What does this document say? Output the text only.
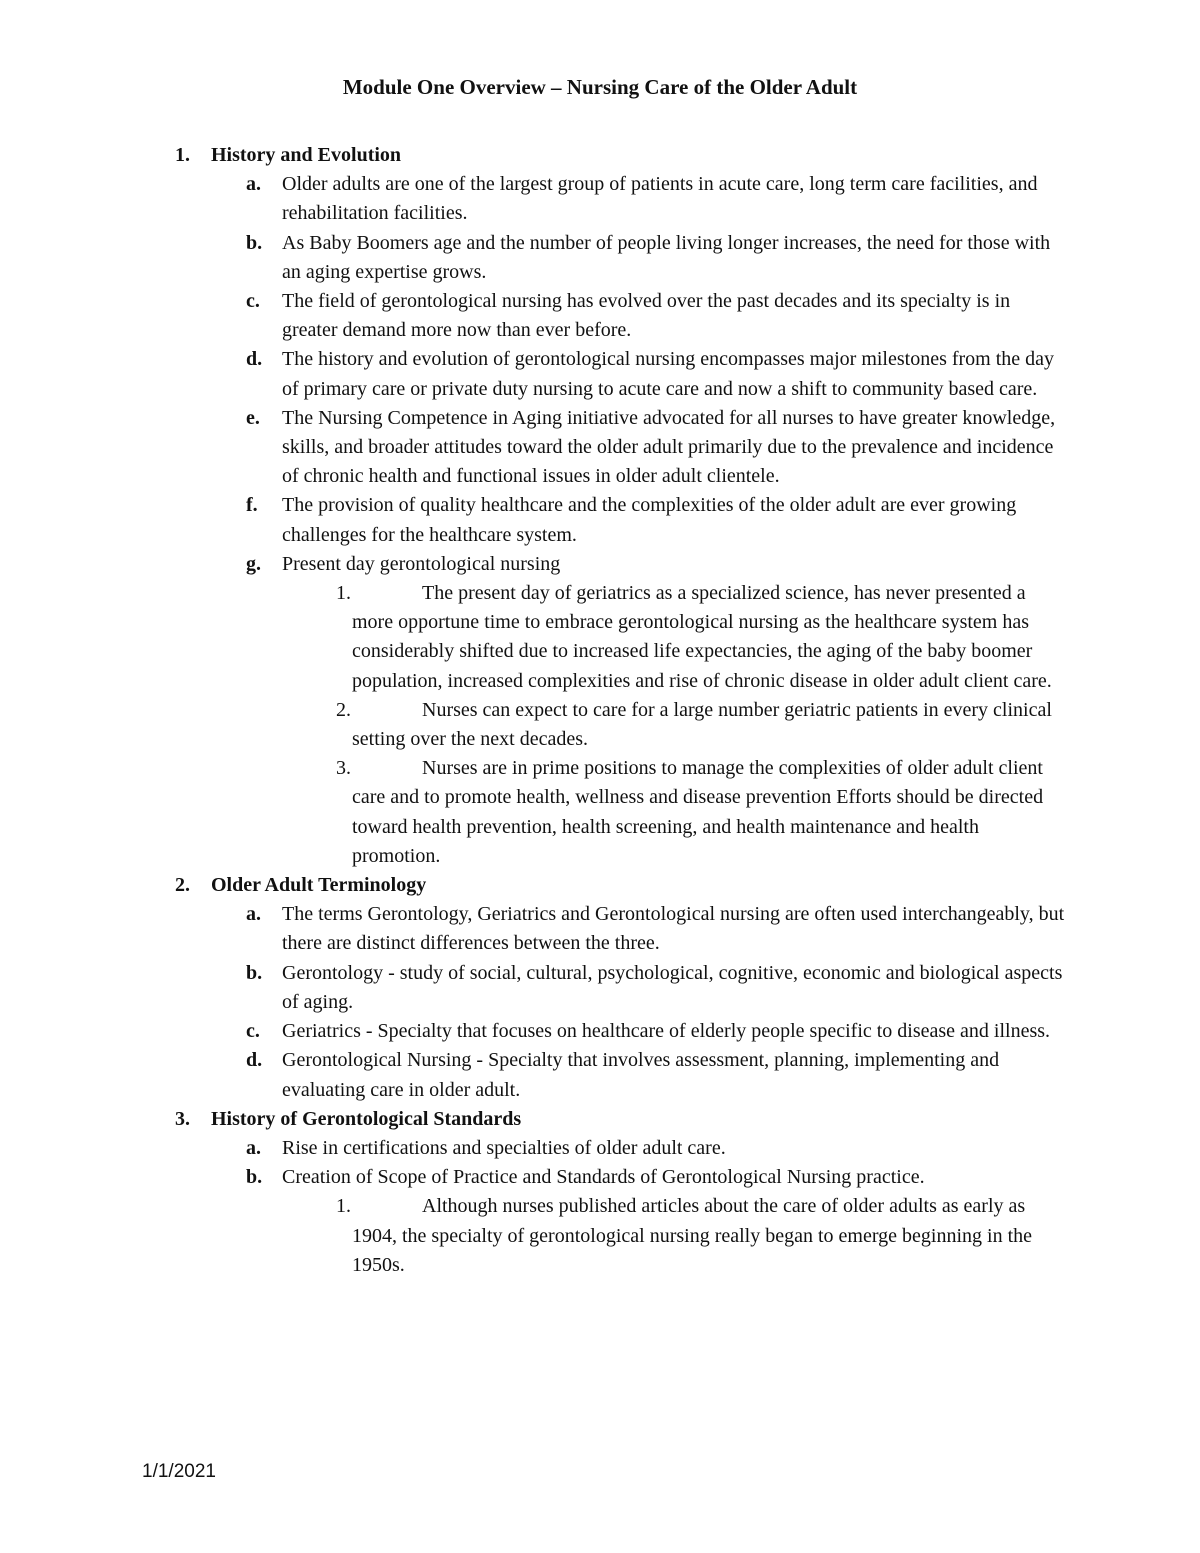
Module One Overview – Nursing Care of the Older Adult
1.	History and Evolution
a.	Older adults are one of the largest group of patients in acute care, long term care facilities, and rehabilitation facilities.
b. As Baby Boomers age and the number of people living longer increases, the need for those with an aging expertise grows.
c.	The field of gerontological nursing has evolved over the past decades and its specialty is in greater demand more now than ever before.
d. The history and evolution of gerontological nursing encompasses major milestones from the day of primary care or private duty nursing to acute care and now a shift to community based care.
e.	The Nursing Competence in Aging initiative advocated for all nurses to have greater knowledge, skills, and broader attitudes toward the older adult primarily due to the prevalence and incidence of chronic health and functional issues in older adult clientele.
f.	The provision of quality healthcare and the complexities of the older adult are ever growing challenges for the healthcare system.
g.	Present day gerontological nursing
1.	The present day of geriatrics as a specialized science, has never presented a more opportune time to embrace gerontological nursing as the healthcare system has considerably shifted due to increased life expectancies, the aging of the baby boomer population, increased complexities and rise of chronic disease in older adult client care.
2.	Nurses can expect to care for a large number geriatric patients in every clinical setting over the next decades.
3.	Nurses are in prime positions to manage the complexities of older adult client care and to promote health, wellness and disease prevention Efforts should be directed toward health prevention, health screening, and health maintenance and health promotion.
2.	Older Adult Terminology
a.	The terms Gerontology, Geriatrics and Gerontological nursing are often used interchangeably, but there are distinct differences between the three.
b. Gerontology - study of social, cultural, psychological, cognitive, economic and biological aspects of aging.
c.	Geriatrics - Specialty that focuses on healthcare of elderly people specific to disease and illness.
d. Gerontological Nursing - Specialty that involves assessment, planning, implementing and evaluating care in older adult.
3.	History of Gerontological Standards
a.	Rise in certifications and specialties of older adult care.
b. Creation of Scope of Practice and Standards of Gerontological Nursing practice.
1.	Although nurses published articles about the care of older adults as early as 1904, the specialty of gerontological nursing really began to emerge beginning in the 1950s.
1/1/2021
